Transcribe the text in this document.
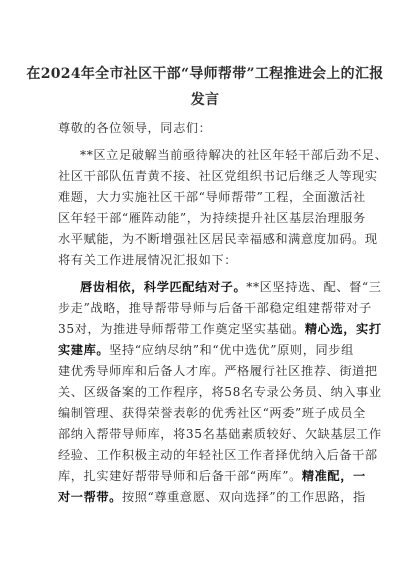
在2024年全市社区干部“导师帮带”工程推进会上的汇报
发言
尊敬的各位领导，同志们：
**区立足破解当前亟待解决的社区年轻干部后劲不足、
社区干部队伍青黄不接、社区党组织书记后继乏人等现实
难题，大力实施社区干部“导师帮带”工程，全面激活社
区年轻干部“雁阵动能”，为持续提升社区基层治理服务
水平赋能，为不断增强社区居民幸福感和满意度加码。现
将有关工作进展情况汇报如下：
唇齿相依，科学匹配结对子。**区坚持选、配、督“三
步走”战略，推导帮带导师与后备干部稳定组建帮带对子
35对，为推进导师帮带工作奠定坚实基础。精心选，实打
实建库。坚持“应纳尽纳”和“优中选优”原则，同步组
建优秀导师库和后备人才库。严格履行社区推荐、街道把
关、区级备案的工作程序，将58名专录公务员、纳入事业
编制管理、获得荣誉表彰的优秀社区“两委”班子成员全
部纳入帮带导师库，将35名基础素质较好、欠缺基层工作
经验、工作积极主动的年轻社区工作者择优纳入后备干部
库，扎实建好帮带导师和后备干部“两库”。精准配，一
对一帮带。按照“尊重意愿、双向选择”的工作思路，指
